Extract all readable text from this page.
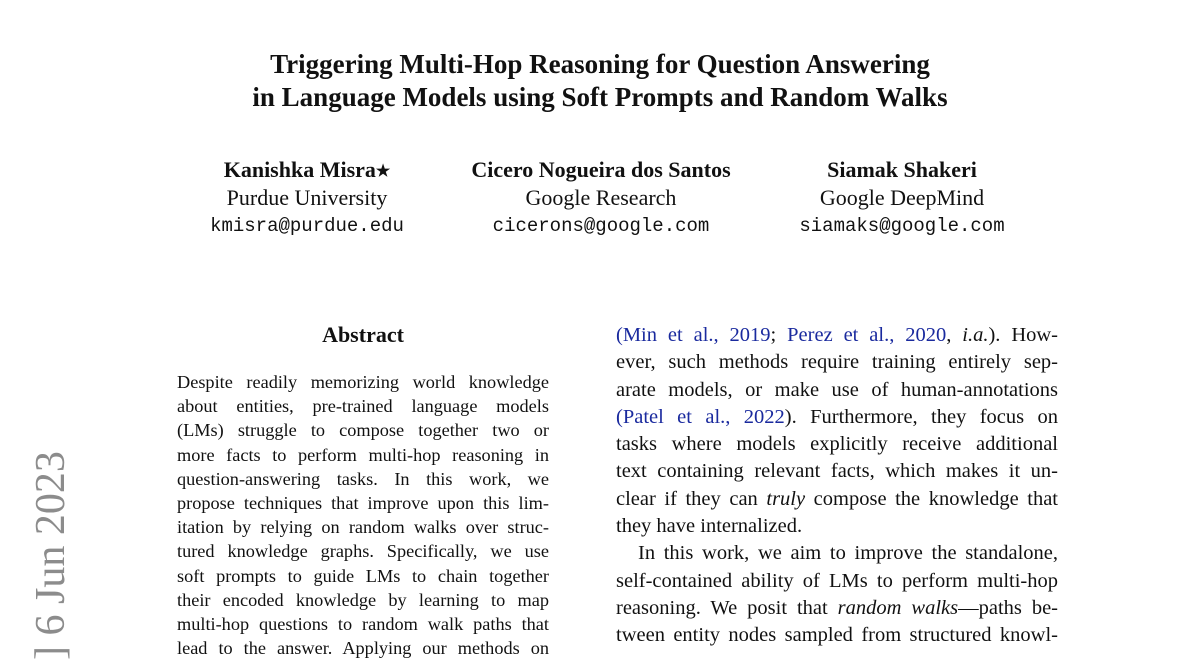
Triggering Multi-Hop Reasoning for Question Answering
in Language Models using Soft Prompts and Random Walks
Kanishka Misra★
Purdue University
kmisra@purdue.edu
Cicero Nogueira dos Santos
Google Research
cicerons@google.com
Siamak Shakeri
Google DeepMind
siamaks@google.com
] 6 Jun 2023
Abstract
Despite readily memorizing world knowledge
about entities, pre-trained language models
(LMs) struggle to compose together two or
more facts to perform multi-hop reasoning in
question-answering tasks. In this work, we
propose techniques that improve upon this lim-
itation by relying on random walks over struc-
tured knowledge graphs. Specifically, we use
soft prompts to guide LMs to chain together
their encoded knowledge by learning to map
multi-hop questions to random walk paths that
lead to the answer. Applying our methods on
(Min et al., 2019; Perez et al., 2020, i.a.). How-
ever, such methods require training entirely sep-
arate models, or make use of human-annotations
(Patel et al., 2022). Furthermore, they focus on
tasks where models explicitly receive additional
text containing relevant facts, which makes it un-
clear if they can truly compose the knowledge that
they have internalized.
In this work, we aim to improve the standalone,
self-contained ability of LMs to perform multi-hop
reasoning. We posit that random walks—paths be-
tween entity nodes sampled from structured knowl-
